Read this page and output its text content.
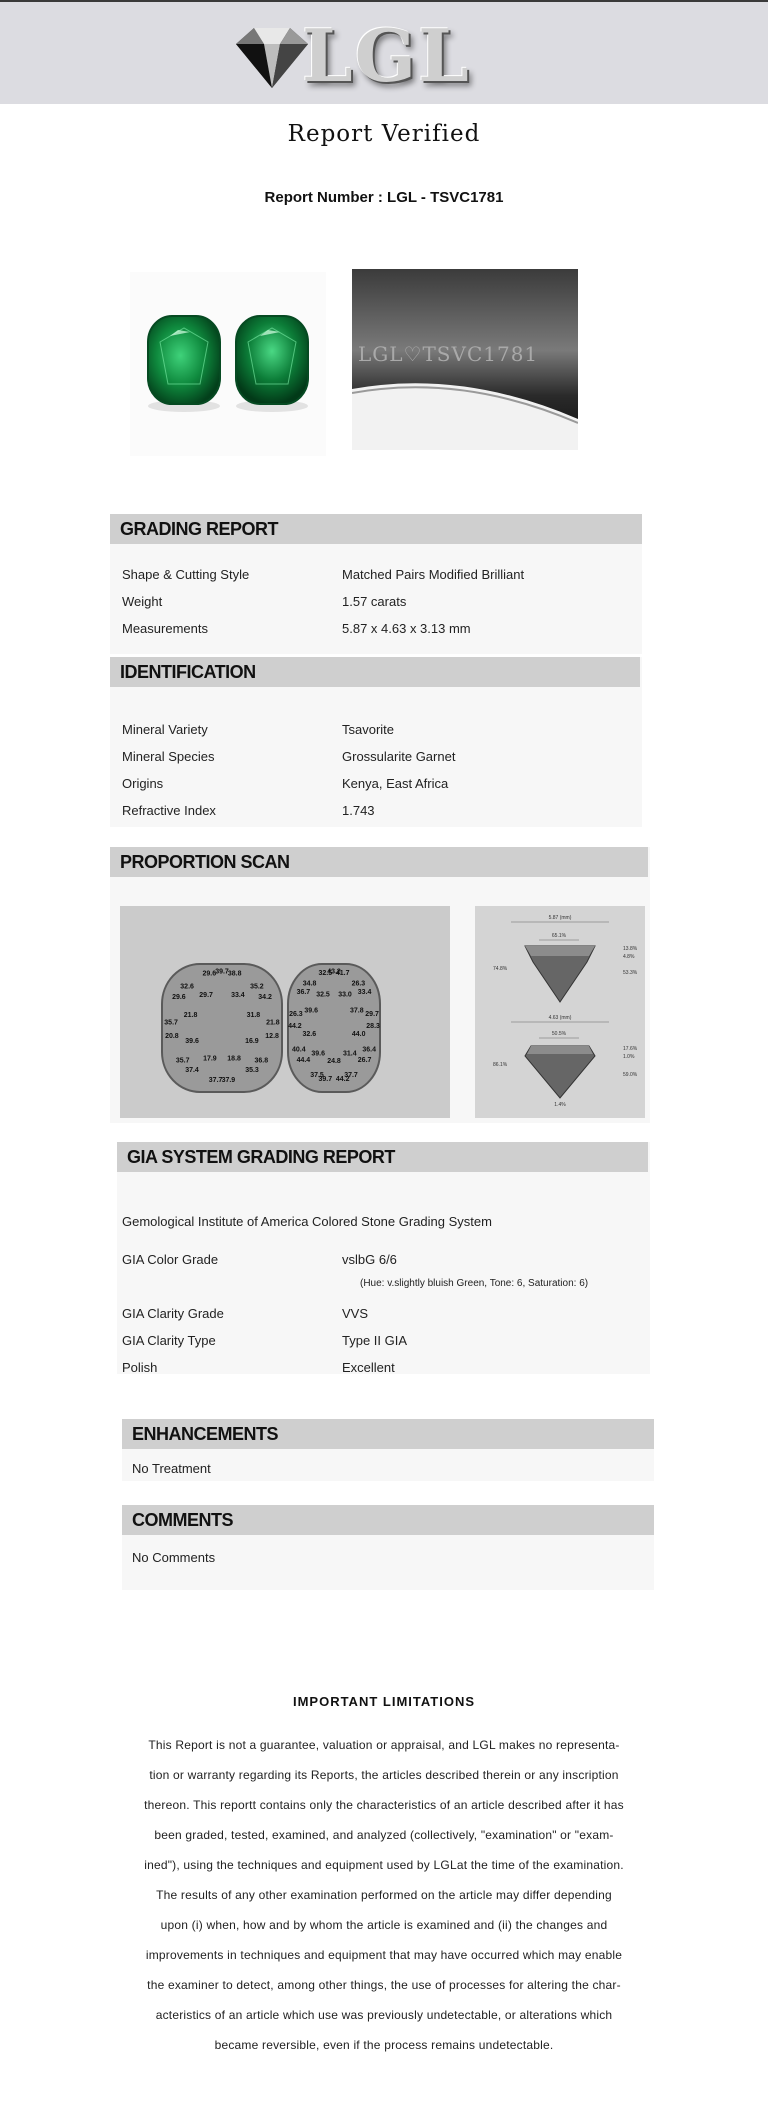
LGL
Report Verified
Report Number : LGL - TSVC1781
LGL♡TSVC1781
GRADING REPORT
Shape & Cutting Style	Matched Pairs Modified Brilliant
Weight	1.57 carats
Measurements	5.87 x 4.63 x 3.13 mm
IDENTIFICATION
Mineral Variety	Tsavorite
Mineral Species	Grossularite Garnet
Origins	Kenya, East Africa
Refractive Index	1.743
PROPORTION SCAN
39.7 38.8
33.4
35.2
34.2
31.8
21.8
12.8
16.9
36.8
35.3
18.8
37.9
37.7
17.9
37.4
35.7
39.6
20.8
35.7
21.8
29.6
32.6
29.7
29.6	43.2
41.7
33.0
26.3
33.4
37.8 29.7
28.3
44.0
36.4
26.7
31.4
37.7
44.2
24.8
39.7
37.5
39.6
44.4
40.4
32.6
44.2
26.3 39.6
36.7
34.8
32.5
32.5
5.87 (mm)
65.1%
13.8%
74.8%
4.8%
53.3%
4.63 (mm)
50.5%
17.6%
86.1%
1.0%
59.0%
1.4%
GIA SYSTEM GRADING REPORT
Gemological Institute of America Colored Stone Grading System
GIA Color Grade	vslbG 6/6
(Hue: v.slightly bluish Green, Tone: 6, Saturation: 6)
GIA Clarity Grade	VVS
GIA Clarity Type	Type II GIA
Polish	Excellent
ENHANCEMENTS
No Treatment
COMMENTS
No Comments
IMPORTANT LIMITATIONS
This Report is not a guarantee, valuation or appraisal, and LGL makes no representa-
tion or warranty regarding its Reports, the articles described therein or any inscription
thereon. This reportt contains only the characteristics of an article described after it has
been graded, tested, examined, and analyzed (collectively, "examination" or "exam-
ined"), using the techniques and equipment used by LGLat the time of the examination.
The results of any other examination performed on the article may differ depending
upon (i) when, how and by whom the article is examined and (ii) the changes and
improvements in techniques and equipment that may have occurred which may enable
the examiner to detect, among other things, the use of processes for altering the char-
acteristics of an article which use was previously undetectable, or alterations which
became reversible, even if the process remains undetectable.
